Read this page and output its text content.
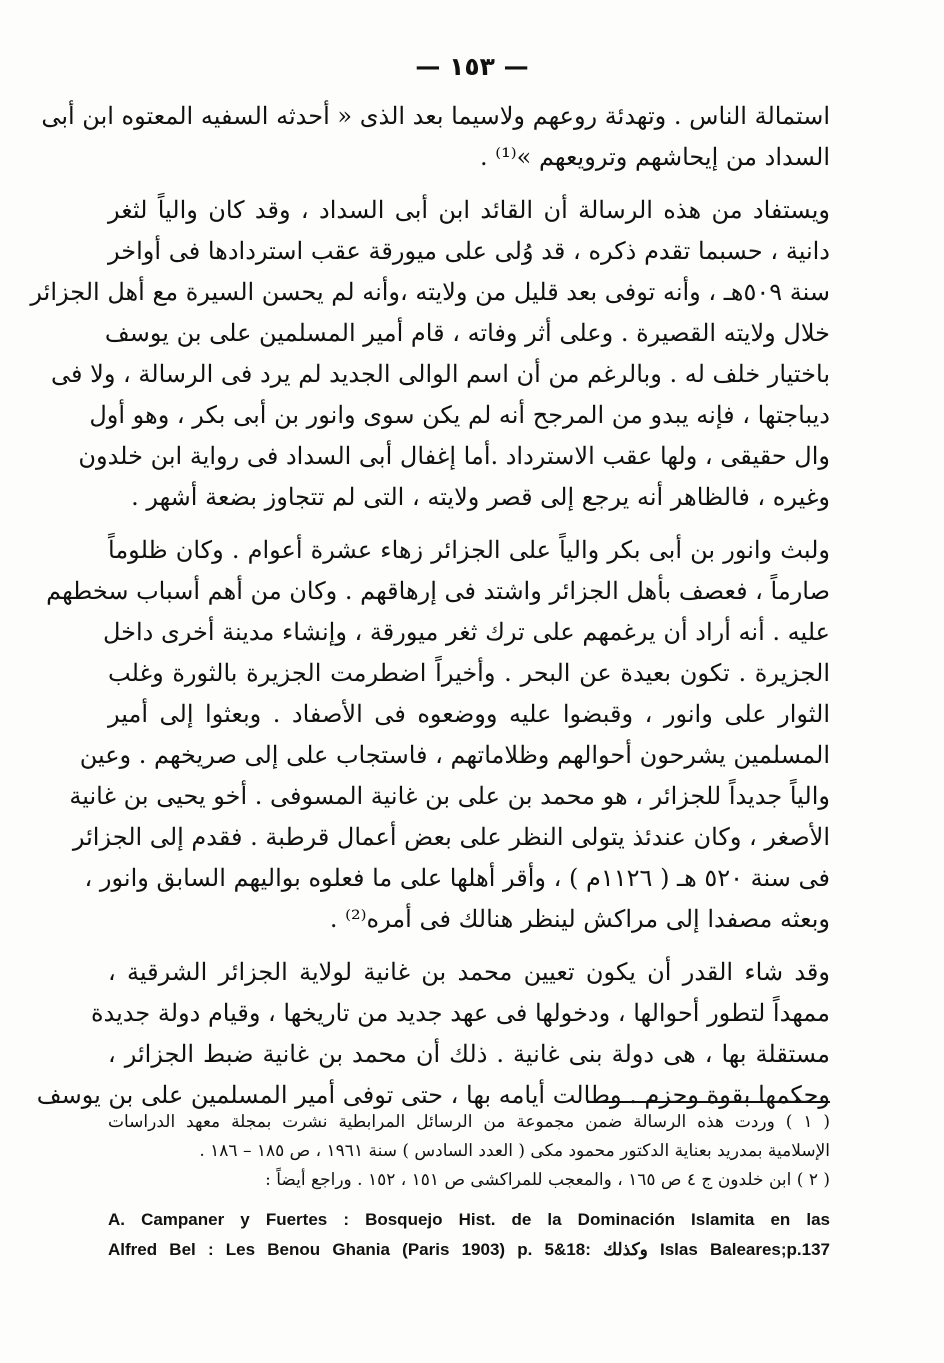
— ١٥٣ —
استمالة الناس . وتهدئة روعهم ولاسيما بعد الذى « أحدثه السفيه المعتوه ابن أبى
السداد من إيحاشهم وترويعهم »⁽¹⁾ .
ويستفاد من هذه الرسالة أن القائد ابن أبى السداد ، وقد كان والياً لثغر
دانية ، حسبما تقدم ذكره ، قد وُلى على ميورقة عقب استردادها فى أواخر
سنة ٥٠٩هـ ، وأنه توفى بعد قليل من ولايته ،وأنه لم يحسن السيرة مع أهل الجزائر
خلال ولايته القصيرة . وعلى أثر وفاته ، قام أمير المسلمين على بن يوسف
باختيار خلف له . وبالرغم من أن اسم الوالى الجديد لم يرد فى الرسالة ، ولا فى
ديباجتها ، فإنه يبدو من المرجح أنه لم يكن سوى وانور بن أبى بكر ، وهو أول
وال حقيقى ، ولها عقب الاسترداد .أما إغفال أبى السداد فى رواية ابن خلدون
وغيره ، فالظاهر أنه يرجع إلى قصر ولايته ، التى لم تتجاوز بضعة أشهر .
ولبث وانور بن أبى بكر والياً على الجزائر زهاء عشرة أعوام . وكان ظلوماً
صارماً ، فعصف بأهل الجزائر واشتد فى إرهاقهم . وكان من أهم أسباب سخطهم
عليه . أنه أراد أن يرغمهم على ترك ثغر ميورقة ، وإنشاء مدينة أخرى داخل
الجزيرة . تكون بعيدة عن البحر . وأخيراً اضطرمت الجزيرة بالثورة وغلب
الثوار على وانور ، وقبضوا عليه ووضعوه فى الأصفاد . وبعثوا إلى أمير
المسلمين يشرحون أحوالهم وظلاماتهم ، فاستجاب على إلى صريخهم . وعين
والياً جديداً للجزائر ، هو محمد بن على بن غانية المسوفى . أخو يحيى بن غانية
الأصغر ، وكان عندئذ يتولى النظر على بعض أعمال قرطبة . فقدم إلى الجزائر
فى سنة ٥٢٠ هـ ( ١١٢٦م ) ، وأقر أهلها على ما فعلوه بواليهم السابق وانور ،
وبعثه مصفدا إلى مراكش لينظر هنالك فى أمره⁽²⁾ .
وقد شاء القدر أن يكون تعيين محمد بن غانية لولاية الجزائر الشرقية ،
ممهداً لتطور أحوالها ، ودخولها فى عهد جديد من تاريخها ، وقيام دولة جديدة
مستقلة بها ، هى دولة بنى غانية . ذلك أن محمد بن غانية ضبط الجزائر ،
وحكمها بقوة وحزم . وطالت أيامه بها ، حتى توفى أمير المسلمين على بن يوسف
( ١ ) وردت هذه الرسالة ضمن مجموعة من الرسائل المرابطية نشرت بمجلة معهد الدراسات
الإسلامية بمدريد بعناية الدكتور محمود مكى ( العدد السادس ) سنة ١٩٦١ ، ص ١٨٥ – ١٨٦ .
( ٢ ) ابن خلدون ج ٤ ص ١٦٥ ، والمعجب للمراكشى ص ١٥١ ، ١٥٢ . وراجع أيضاً :
A. Campaner y Fuertes : Bosquejo Hist. de la Dominación Islamita en las
Alfred Bel : Les Benou Ghania (Paris 1903) p. 5&18: وكذلك Islas Baleares;p.137
